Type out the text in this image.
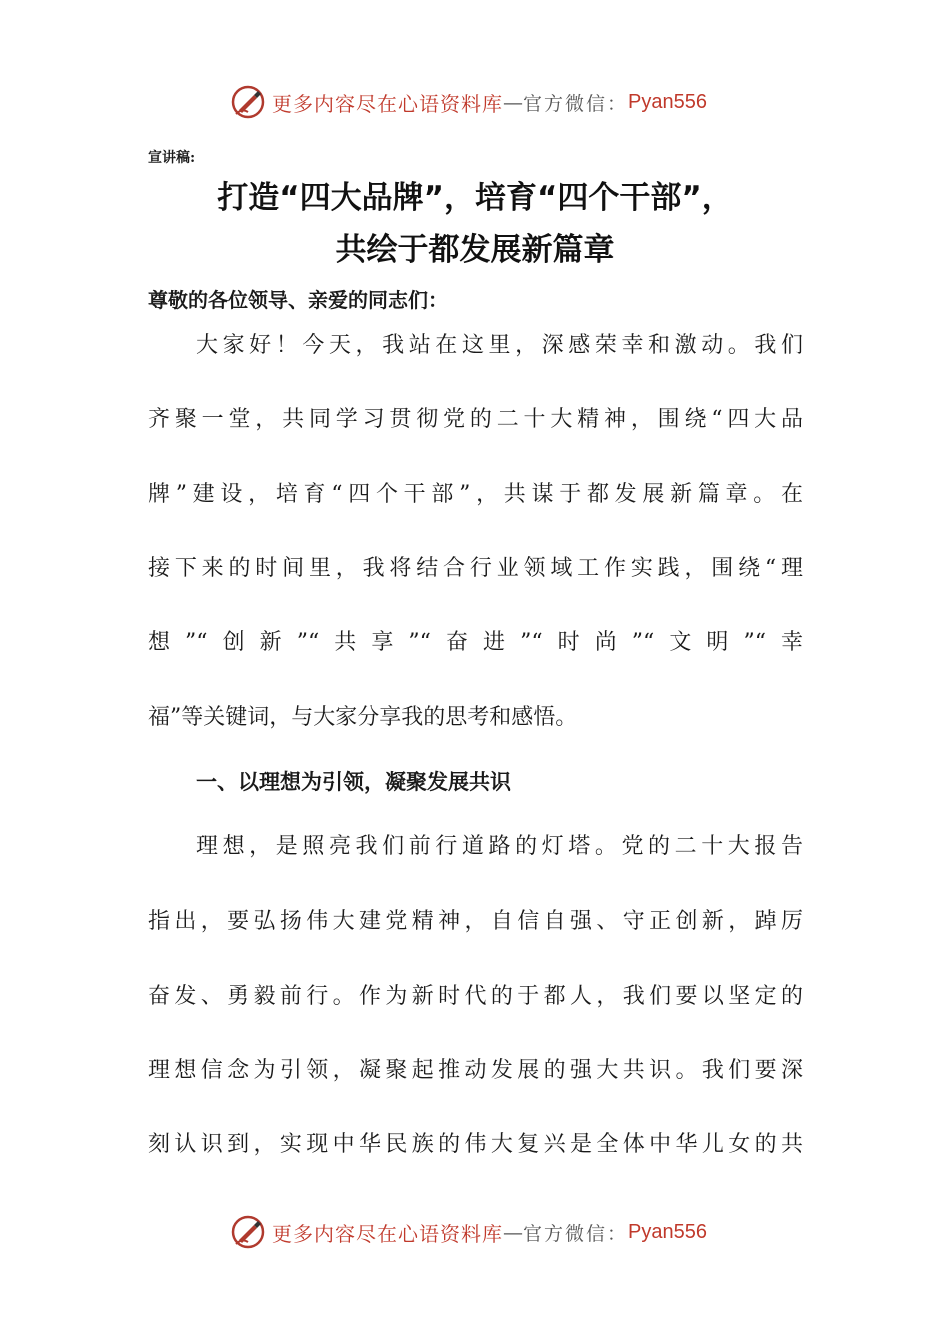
更多内容尽在心语资料库 — 官方微信： Pyan556
宣讲稿:
打造“四大品牌”，培育“四个干部”，
共绘于都发展新篇章
尊敬的各位领导、亲爱的同志们：
大家好！今天，我站在这里，深感荣幸和激动。我们
齐聚一堂，共同学习贯彻党的二十大精神，围绕“四大品
牌”建设，培育“四个干部”，共谋于都发展新篇章。在
接下来的时间里，我将结合行业领域工作实践，围绕“理
想”“创新”“共享”“奋进”“时尚”“文明”“幸
福”等关键词，与大家分享我的思考和感悟。
一、以理想为引领，凝聚发展共识
理想，是照亮我们前行道路的灯塔。党的二十大报告
指出，要弘扬伟大建党精神，自信自强、守正创新，踔厉
奋发、勇毅前行。作为新时代的于都人，我们要以坚定的
理想信念为引领，凝聚起推动发展的强大共识。我们要深
刻认识到，实现中华民族的伟大复兴是全体中华儿女的共
更多内容尽在心语资料库 — 官方微信： Pyan556
